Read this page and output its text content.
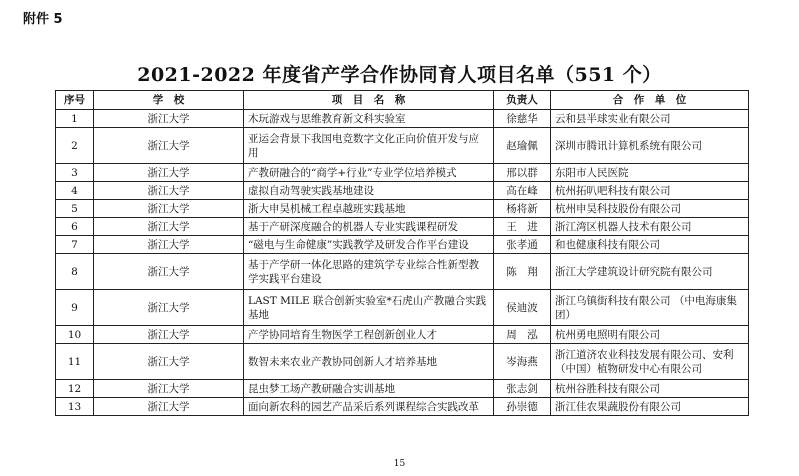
附件 5
2021-2022 年度省产学合作协同育人项目名单（551 个）
序号	学　校	项　目　名　称	负责人	合　作　单　位
1	浙江大学	木玩游戏与思维教育新文科实验室	徐慈华	云和县半球实业有限公司
2	浙江大学	亚运会背景下我国电竞数字文化正向价值开发与应用	赵瑜佩	深圳市腾讯计算机系统有限公司
3	浙江大学	产教研融合的“商学+行业”专业学位培养模式	邢以群	东阳市人民医院
4	浙江大学	虚拟自动驾驶实践基地建设	高在峰	杭州拓叭吧科技有限公司
5	浙江大学	浙大申昊机械工程卓越班实践基地	杨将新	杭州申昊科技股份有限公司
6	浙江大学	基于产研深度融合的机器人专业实践课程研发	王　进	浙江湾区机器人技术有限公司
7	浙江大学	“磁电与生命健康”实践教学及研发合作平台建设	张孝通	和也健康科技有限公司
8	浙江大学	基于产学研一体化思路的建筑学专业综合性新型教学实践平台建设	陈　翔	浙江大学建筑设计研究院有限公司
9	浙江大学	LAST MILE 联合创新实验室*石虎山产教融合实践基地	侯迪波	浙江乌镇街科技有限公司 （中电海康集团）
10	浙江大学	产学协同培育生物医学工程创新创业人才	周　泓	杭州勇电照明有限公司
11	浙江大学	数智未来农业产教协同创新人才培养基地	岑海燕	浙江道济农业科技发展有限公司、安利（中国）植物研发中心有限公司
12	浙江大学	昆虫梦工场产教研融合实训基地	张志剑	杭州谷胜科技有限公司
13	浙江大学	面向新农科的园艺产品采后系列课程综合实践改革	孙崇德	浙江佳农果蔬股份有限公司
15
